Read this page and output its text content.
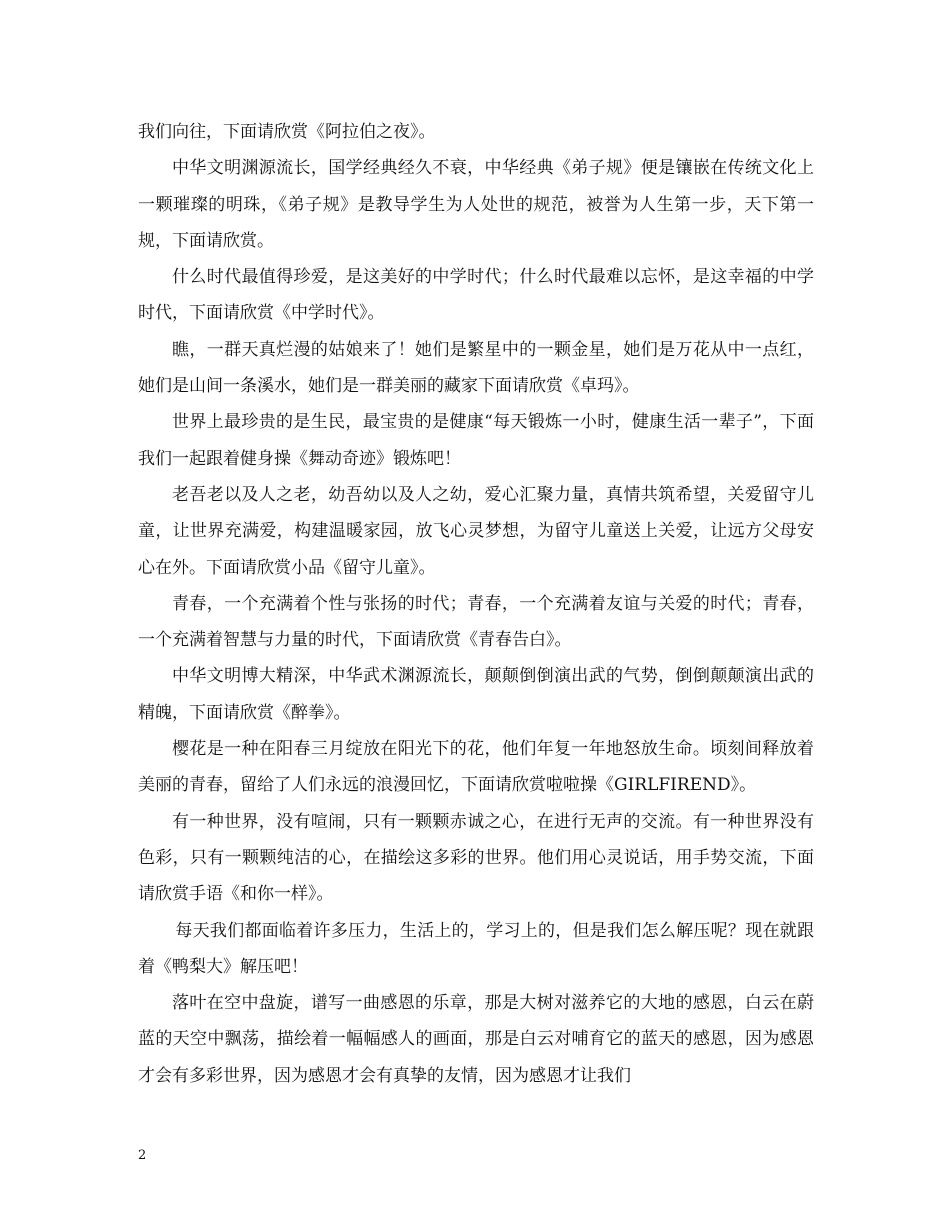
我们向往，下面请欣赏《阿拉伯之夜》。

中华文明渊源流长，国学经典经久不衰，中华经典《弟子规》便是镶嵌在传统文化上一颗璀璨的明珠，《弟子规》是教导学生为人处世的规范，被誉为人生第一步，天下第一规，下面请欣赏。

什么时代最值得珍爱，是这美好的中学时代；什么时代最难以忘怀，是这幸福的中学时代，下面请欣赏《中学时代》。

瞧，一群天真烂漫的姑娘来了！她们是繁星中的一颗金星，她们是万花从中一点红，她们是山间一条溪水，她们是一群美丽的藏家下面请欣赏《卓玛》。

世界上最珍贵的是生民，最宝贵的是健康“每天锻炼一小时，健康生活一辈子”，下面我们一起跟着健身操《舞动奇迹》锻炼吧！

老吾老以及人之老，幼吾幼以及人之幼，爱心汇聚力量，真情共筑希望，关爱留守儿童，让世界充满爱，构建温暖家园，放飞心灵梦想，为留守儿童送上关爱，让远方父母安心在外。下面请欣赏小品《留守儿童》。

青春，一个充满着个性与张扬的时代；青春，一个充满着友谊与关爱的时代；青春，一个充满着智慧与力量的时代，下面请欣赏《青春告白》。

中华文明博大精深，中华武术渊源流长，颠颠倒倒演出武的气势，倒倒颠颠演出武的精魄，下面请欣赏《醉拳》。

樱花是一种在阳春三月绽放在阳光下的花，他们年复一年地怒放生命。顷刻间释放着美丽的青春，留给了人们永远的浪漫回忆，下面请欣赏啦啦操《GIRLFIREND》。

有一种世界，没有喧闹，只有一颗颗赤诚之心，在进行无声的交流。有一种世界没有色彩，只有一颗颗纯洁的心，在描绘这多彩的世界。他们用心灵说话，用手势交流，下面请欣赏手语《和你一样》。

每天我们都面临着许多压力，生活上的，学习上的，但是我们怎么解压呢？现在就跟着《鸭梨大》解压吧！

落叶在空中盘旋，谱写一曲感恩的乐章，那是大树对滋养它的大地的感恩，白云在蔚蓝的天空中飘荡，描绘着一幅幅感人的画面，那是白云对哺育它的蓝天的感恩，因为感恩才会有多彩世界，因为感恩才会有真挚的友情，因为感恩才让我们

2
